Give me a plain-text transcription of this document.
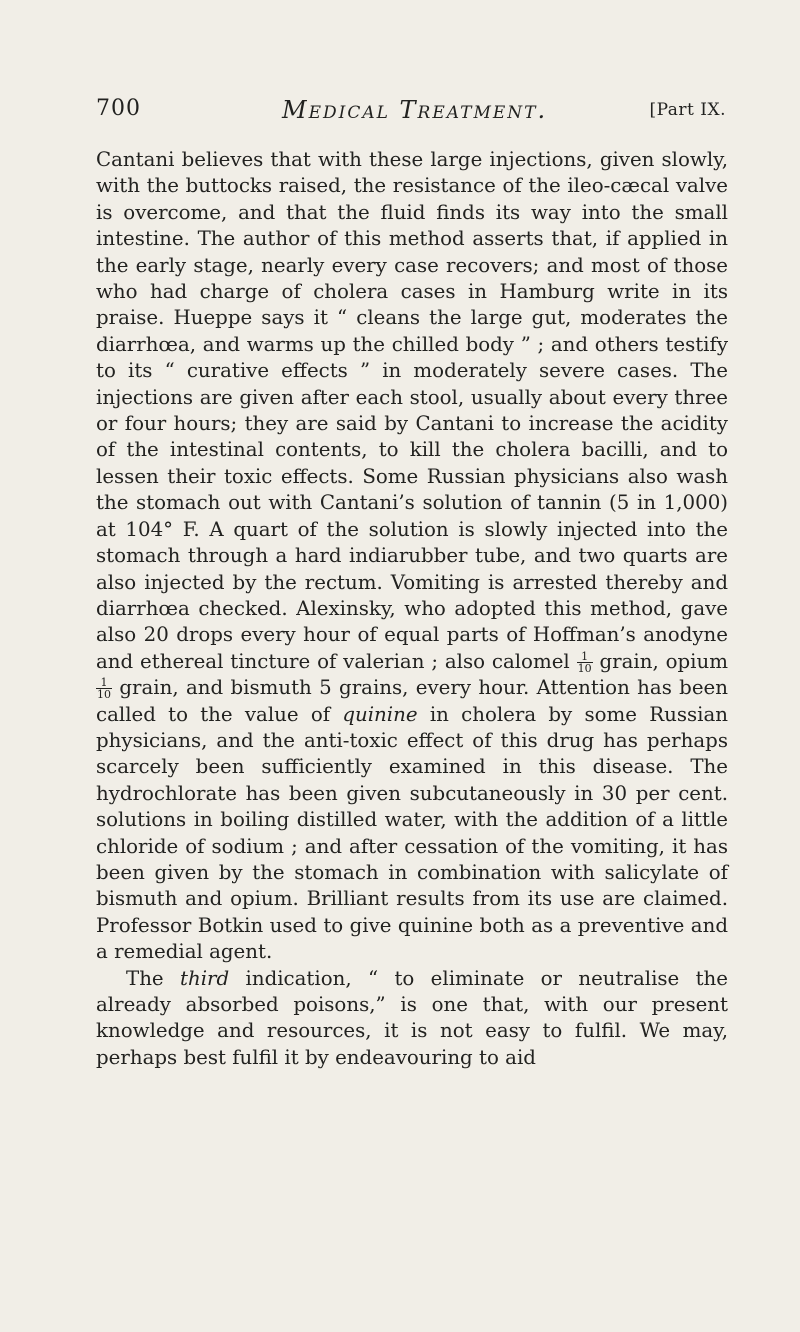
700	Medical Treatment.	[Part IX.

Cantani believes that with these large injections, given slowly, with the buttocks raised, the resistance of the ileo-cæcal valve is overcome, and that the fluid finds its way into the small intestine. The author of this method asserts that, if applied in the early stage, nearly every case recovers; and most of those who had charge of cholera cases in Hamburg write in its praise. Hueppe says it “ cleans the large gut, moderates the diarrhœa, and warms up the chilled body ” ; and others testify to its “ curative effects ” in moderately severe cases. The injections are given after each stool, usually about every three or four hours; they are said by Cantani to increase the acidity of the intestinal contents, to kill the cholera bacilli, and to lessen their toxic effects. Some Russian physicians also wash the stomach out with Cantani’s solution of tannin (5 in 1,000) at 104° F. A quart of the solution is slowly injected into the stomach through a hard indiarubber tube, and two quarts are also injected by the rectum. Vomiting is arrested thereby and diarrhœa checked. Alexinsky, who adopted this method, gave also 20 drops every hour of equal parts of Hoffman’s anodyne and ethereal tincture of valerian ; also calomel $\frac{1}{10}$ grain, opium
$\frac{1}{10}$ grain, and bismuth 5 grains, every hour. Attention has been called to the value of quinine in cholera by some Russian physicians, and the anti-toxic effect of this drug has perhaps scarcely been sufficiently examined in this disease. The hydrochlorate has been given subcutaneously in 30 per cent. solutions in boiling distilled water, with the addition of a little chloride of sodium ; and after cessation of the vomiting, it has been given by the stomach in combination with salicylate of bismuth and opium. Brilliant results from its use are claimed. Professor Botkin used to give quinine both as a preventive and a remedial agent.

The third indication, “ to eliminate or neutralise the already absorbed poisons,” is one that, with our present knowledge and resources, it is not easy to fulfil. We may, perhaps best fulfil it by endeavouring to aid
